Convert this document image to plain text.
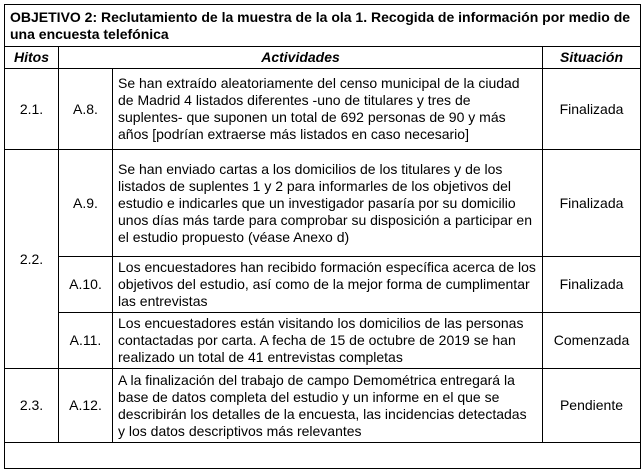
OBJETIVO 2: Reclutamiento de la muestra de la ola 1. Recogida de información por medio de una encuesta telefónica			
Hitos	Actividades		Situación
2.1.	A.8.	Se han extraído aleatoriamente del censo municipal de la ciudad de Madrid 4 listados diferentes -uno de titulares y tres de suplentes- que suponen un total de 692 personas de 90 y más años [podrían extraerse más listados en caso necesario]	Finalizada
2.2.	A.9.	Se han enviado cartas a los domicilios de los titulares y de los listados de suplentes 1 y 2 para informarles de los objetivos del estudio e indicarles que un investigador pasaría por su domicilio unos días más tarde para comprobar su disposición a participar en el estudio propuesto (véase Anexo d)	Finalizada
	A.10.	Los encuestadores han recibido formación específica acerca de los objetivos del estudio, así como de la mejor forma de cumplimentar las entrevistas	Finalizada
	A.11.	Los encuestadores están visitando los domicilios de las personas contactadas por carta. A fecha de 15 de octubre de 2019 se han realizado un total de 41 entrevistas completas	Comenzada
2.3.	A.12.	A la finalización del trabajo de campo Demométrica entregará la base de datos completa del estudio y un informe en el que se describirán los detalles de la encuesta, las incidencias detectadas y los datos descriptivos más relevantes	Pendiente
